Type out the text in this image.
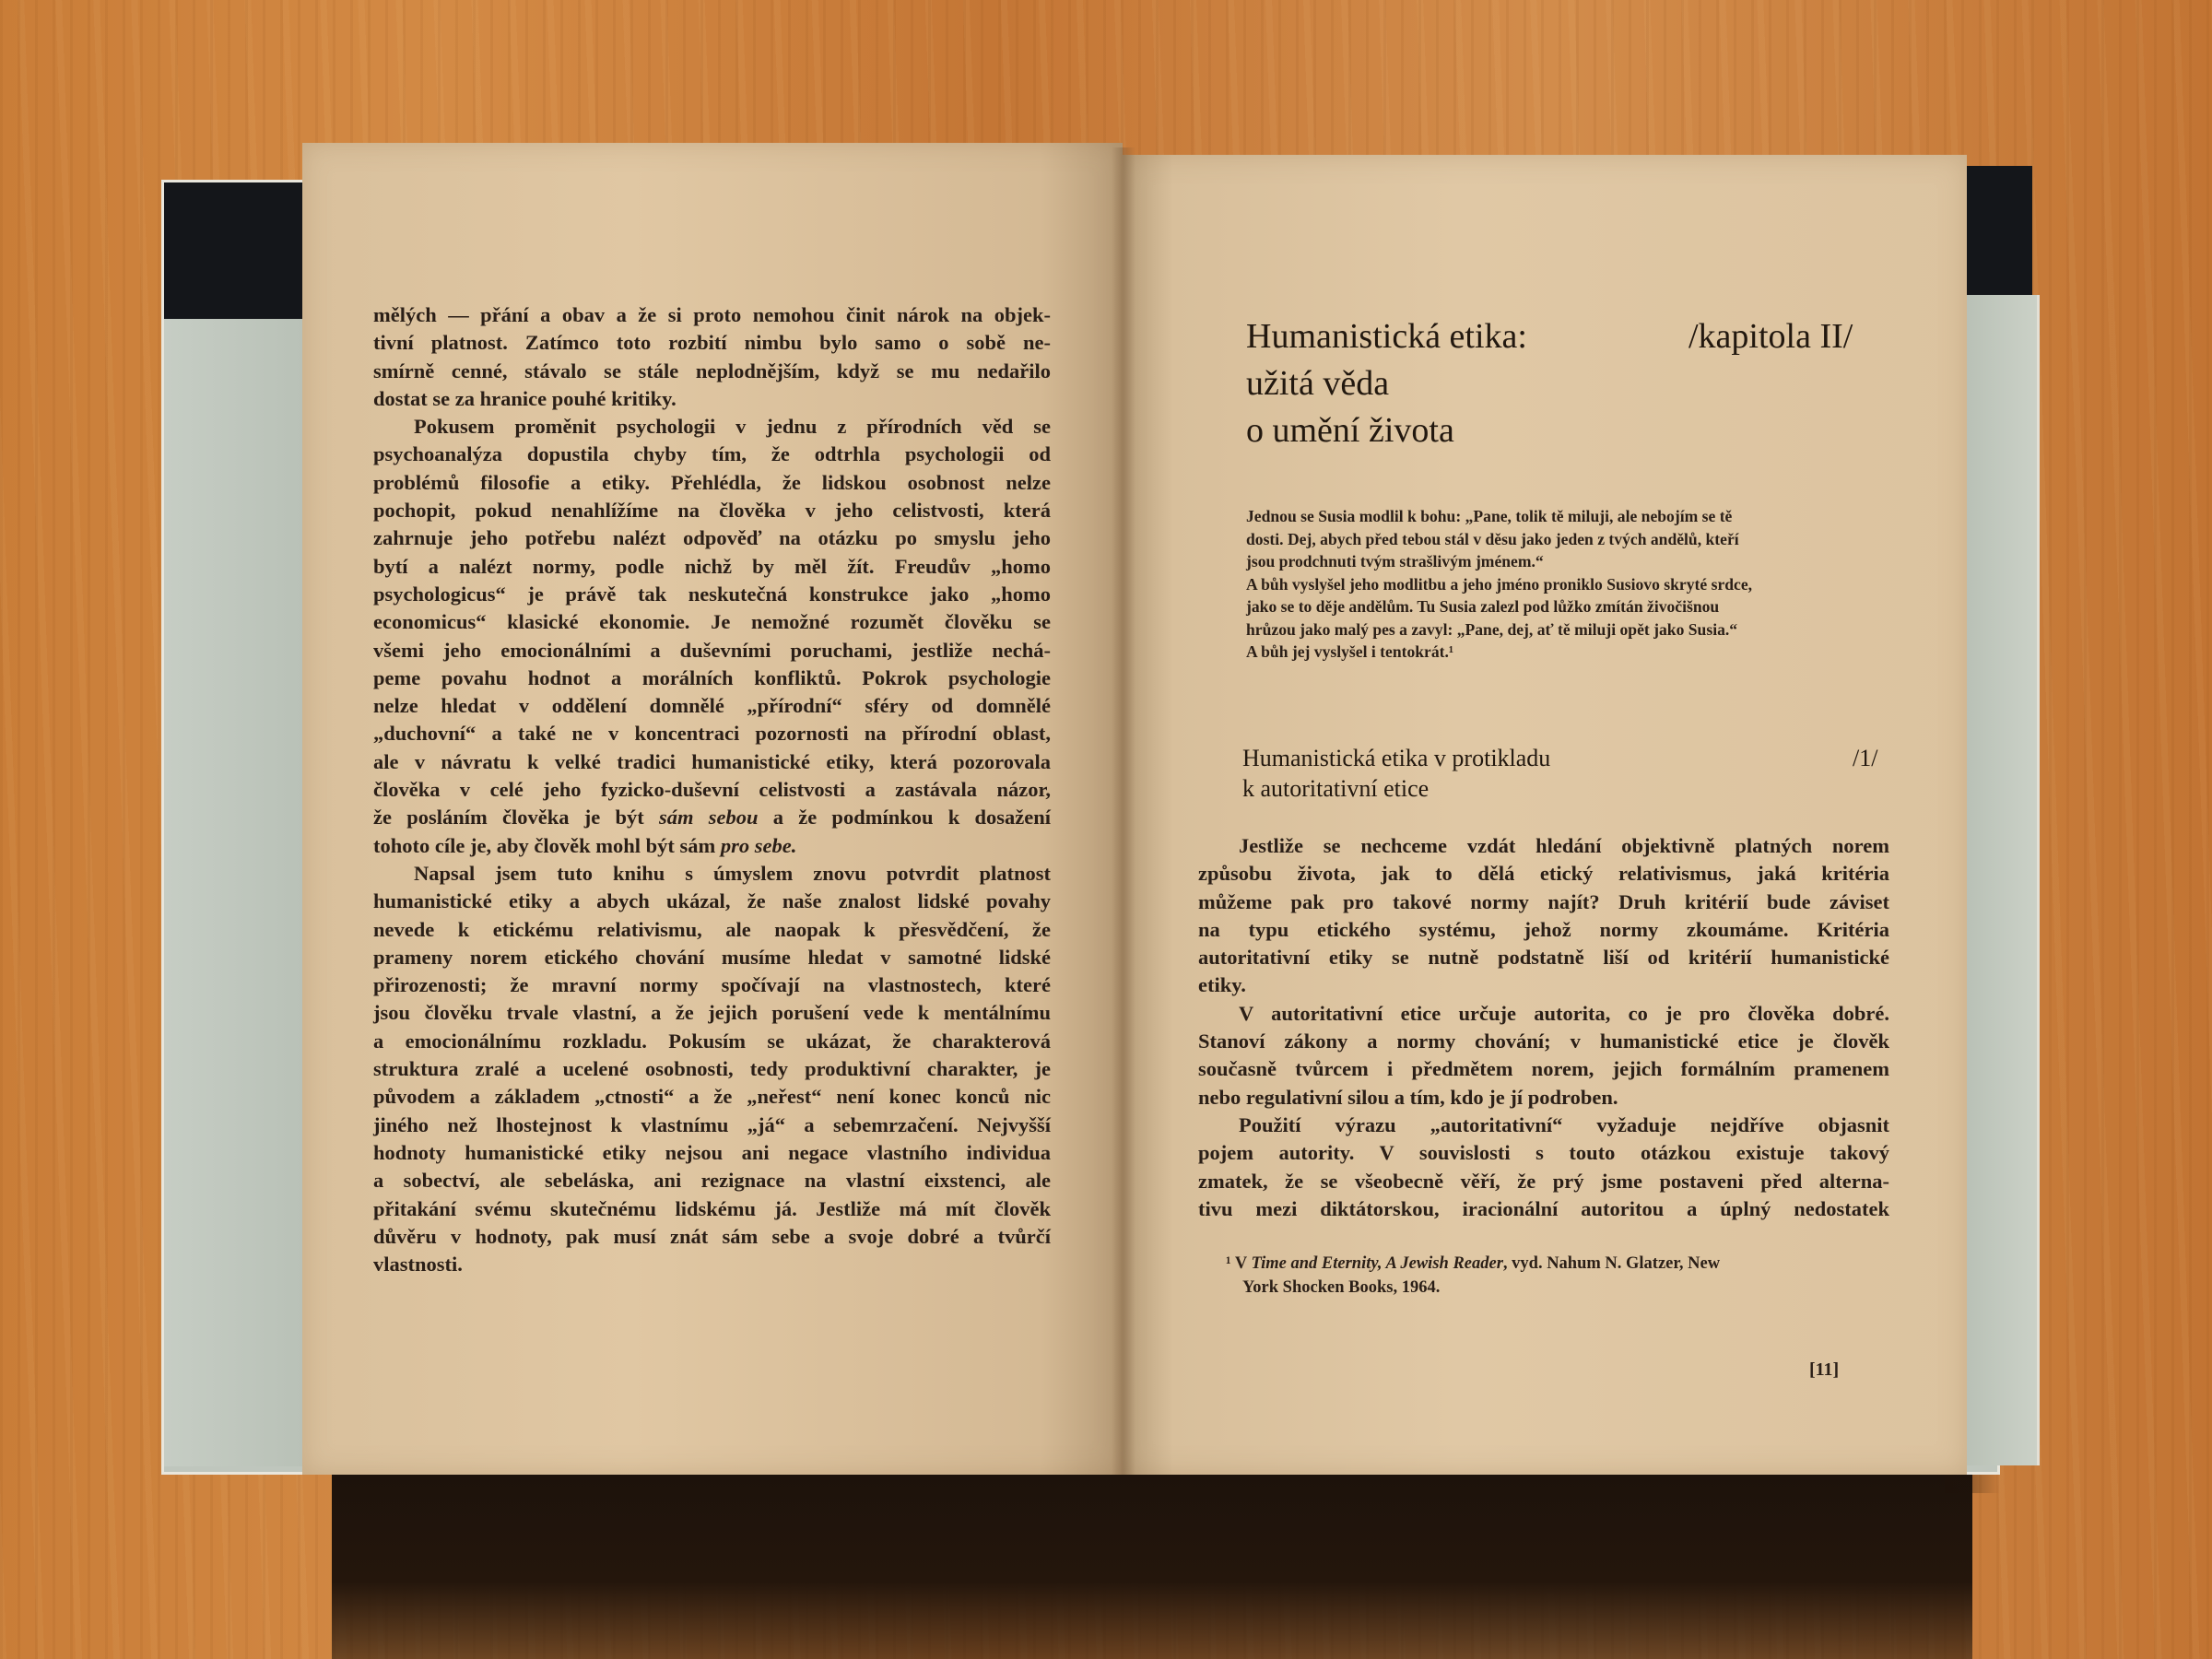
mělých — přání a obav a že si proto nemohou činit nárok na objek-

tivní platnost. Zatímco toto rozbití nimbu bylo samo o sobě ne-

smírně cenné, stávalo se stále neplodnějším, když se mu nedařilo

dostat se za hranice pouhé kritiky.

Pokusem proměnit psychologii v jednu z přírodních věd se

psychoanalýza dopustila chyby tím, že odtrhla psychologii od

problémů filosofie a etiky. Přehlédla, že lidskou osobnost nelze

pochopit, pokud nenahlížíme na člověka v jeho celistvosti, která

zahrnuje jeho potřebu nalézt odpověď na otázku po smyslu jeho

bytí a nalézt normy, podle nichž by měl žít. Freudův „homo

psychologicus“ je právě tak neskutečná konstrukce jako „homo

economicus“ klasické ekonomie. Je nemožné rozumět člověku se

všemi jeho emocionálními a duševními poruchami, jestliže nechá-

peme povahu hodnot a morálních konfliktů. Pokrok psychologie

nelze hledat v oddělení domnělé „přírodní“ sféry od domnělé

„duchovní“ a také ne v koncentraci pozornosti na přírodní oblast,

ale v návratu k velké tradici humanistické etiky, která pozorovala

člověka v celé jeho fyzicko-duševní celistvosti a zastávala názor,

že posláním člověka je být sám sebou a že podmínkou k dosažení

tohoto cíle je, aby člověk mohl být sám pro sebe.

Napsal jsem tuto knihu s úmyslem znovu potvrdit platnost

humanistické etiky a abych ukázal, že naše znalost lidské povahy

nevede k etickému relativismu, ale naopak k přesvědčení, že

prameny norem etického chování musíme hledat v samotné lidské

přirozenosti; že mravní normy spočívají na vlastnostech, které

jsou člověku trvale vlastní, a že jejich porušení vede k mentálnímu

a emocionálnímu rozkladu. Pokusím se ukázat, že charakterová

struktura zralé a ucelené osobnosti, tedy produktivní charakter, je

původem a základem „ctnosti“ a že „neřest“ není konec konců nic

jiného než lhostejnost k vlastnímu „já“ a sebemrzačení. Nejvyšší

hodnoty humanistické etiky nejsou ani negace vlastního individua

a sobectví, ale sebeláska, ani rezignace na vlastní eixstenci, ale

přitakání svému skutečnému lidskému já. Jestliže má mít člověk

důvěru v hodnoty, pak musí znát sám sebe a svoje dobré a tvůrčí

vlastnosti.

Humanistická etika:
užitá věda
o umění života
/kapitola II/

Jednou se Susia modlil k bohu: „Pane, tolik tě miluji, ale nebojím se tě

dosti. Dej, abych před tebou stál v děsu jako jeden z tvých andělů, kteří

jsou prodchnuti tvým strašlivým jménem.“

A bůh vyslyšel jeho modlitbu a jeho jméno proniklo Susiovo skryté srdce,

jako se to děje andělům. Tu Susia zalezl pod lůžko zmítán živočišnou

hrůzou jako malý pes a zavyl: „Pane, dej, ať tě miluji opět jako Susia.“

A bůh jej vyslyšel i tentokrát.¹

Humanistická etika v protikladu
k autoritativní etice
/1/

Jestliže se nechceme vzdát hledání objektivně platných norem

způsobu života, jak to dělá etický relativismus, jaká kritéria

můžeme pak pro takové normy najít? Druh kritérií bude záviset

na typu etického systému, jehož normy zkoumáme. Kritéria

autoritativní etiky se nutně podstatně liší od kritérií humanistické

etiky.

V autoritativní etice určuje autorita, co je pro člověka dobré.

Stanoví zákony a normy chování; v humanistické etice je člověk

současně tvůrcem i předmětem norem, jejich formálním pramenem

nebo regulativní silou a tím, kdo je jí podroben.

Použití výrazu „autoritativní“ vyžaduje nejdříve objasnit

pojem autority. V souvislosti s touto otázkou existuje takový

zmatek, že se všeobecně věří, že prý jsme postaveni před alterna-

tivu mezi diktátorskou, iracionální autoritou a úplný nedostatek

¹ V Time and Eternity, A Jewish Reader, vyd. Nahum N. Glatzer, New

York Shocken Books, 1964.

[11]
